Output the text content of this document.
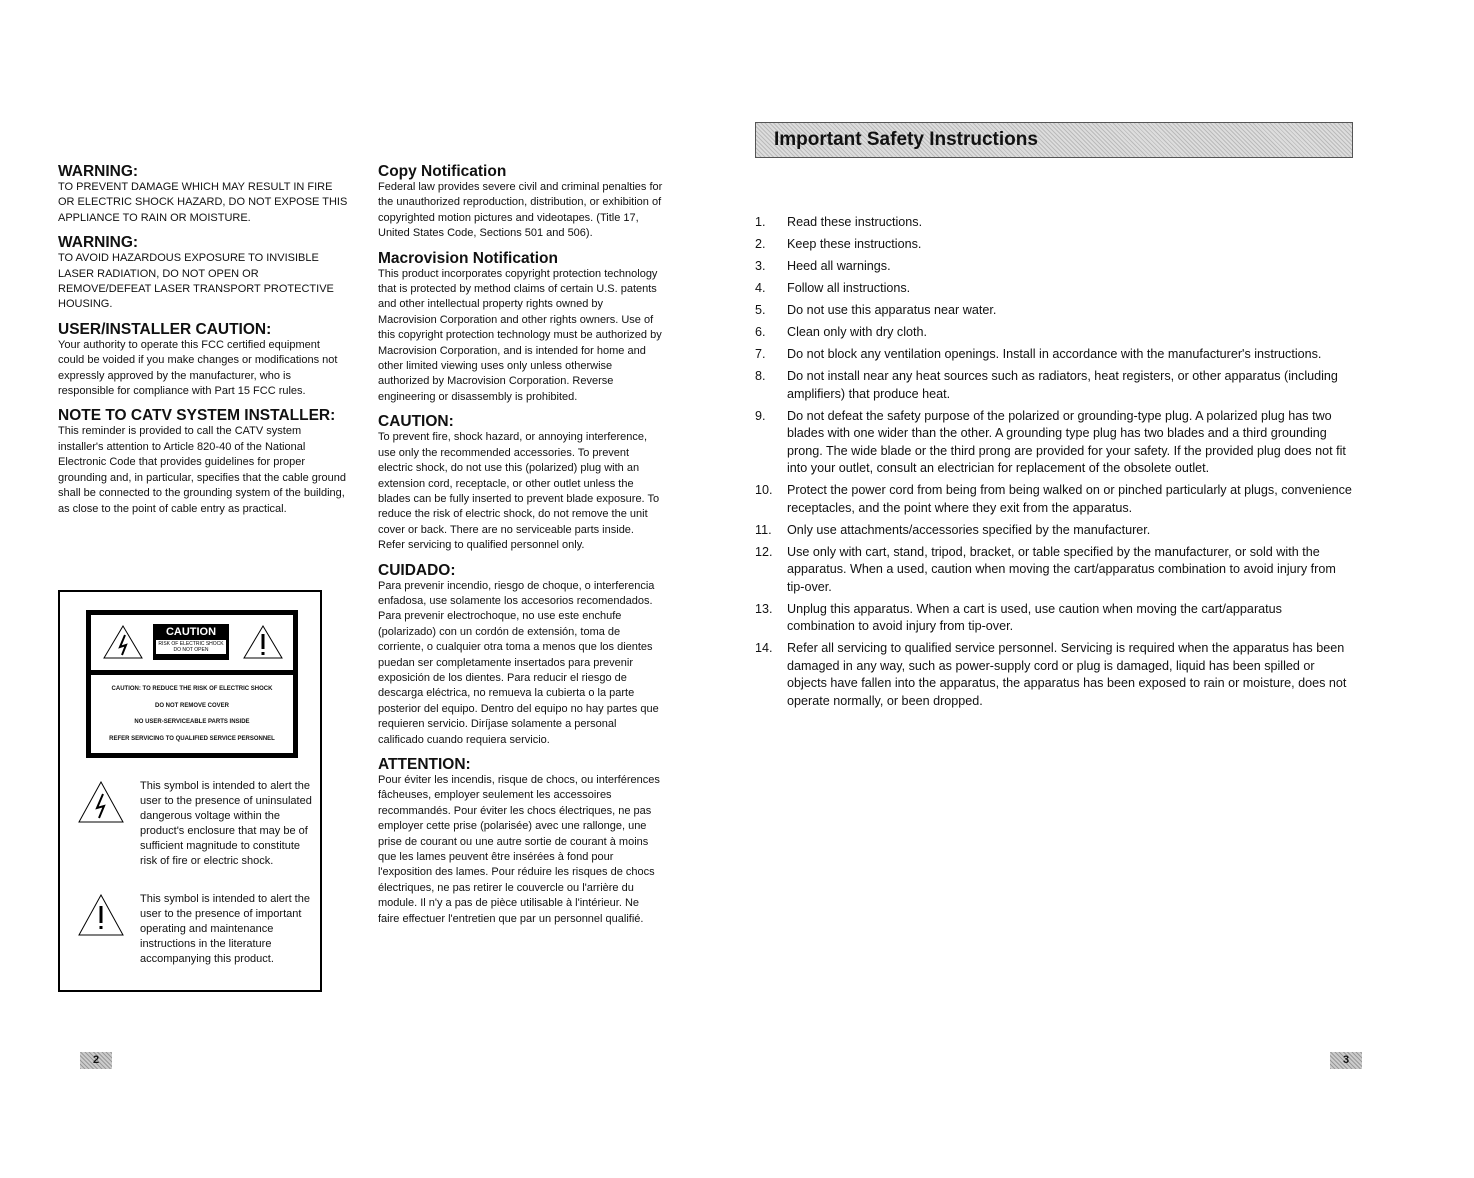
WARNING:

TO PREVENT DAMAGE WHICH MAY RESULT IN FIRE OR ELECTRIC SHOCK HAZARD, DO NOT EXPOSE THIS APPLIANCE TO RAIN OR MOISTURE.

WARNING:

TO AVOID HAZARDOUS EXPOSURE TO INVISIBLE LASER RADIATION, DO NOT OPEN OR REMOVE/DEFEAT LASER TRANSPORT PROTECTIVE HOUSING.

USER/INSTALLER CAUTION:

Your authority to operate this FCC certified equipment could be voided if you make changes or modifications not expressly approved by the manufacturer, who is responsible for compliance with Part 15 FCC rules.

NOTE TO CATV SYSTEM INSTALLER:

This reminder is provided to call the CATV system installer's attention to Article 820-40 of the National Electronic Code that provides guidelines for proper grounding and, in particular, specifies that the cable ground shall be connected to the grounding system of the building, as close to the point of cable entry as practical.

CAUTION
RISK OF ELECTRIC SHOCK DO NOT OPEN
CAUTION: TO REDUCE THE RISK OF ELECTRIC SHOCK
DO NOT REMOVE COVER
NO USER-SERVICEABLE PARTS INSIDE
REFER SERVICING TO QUALIFIED SERVICE PERSONNEL

This symbol is intended to alert the user to the presence of uninsulated dangerous voltage within the product's enclosure that may be of sufficient magnitude to constitute risk of fire or electric shock.

This symbol is intended to alert the user to the presence of important operating and maintenance instructions in the literature accompanying this product.

Copy Notification

Federal law provides severe civil and criminal penalties for the unauthorized reproduction, distribution, or exhibition of copyrighted motion pictures and videotapes. (Title 17, United States Code, Sections 501 and 506).

Macrovision Notification

This product incorporates copyright protection technology that is protected by method claims of certain U.S. patents and other intellectual property rights owned by Macrovision Corporation and other rights owners. Use of this copyright protection technology must be authorized by Macrovision Corporation, and is intended for home and other limited viewing uses only unless otherwise authorized by Macrovision Corporation. Reverse engineering or disassembly is prohibited.

CAUTION:

To prevent fire, shock hazard, or annoying interference, use only the recommended accessories. To prevent electric shock, do not use this (polarized) plug with an extension cord, receptacle, or other outlet unless the blades can be fully inserted to prevent blade exposure. To reduce the risk of electric shock, do not remove the unit cover or back. There are no serviceable parts inside. Refer servicing to qualified personnel only.

CUIDADO:

Para prevenir incendio, riesgo de choque, o interferencia enfadosa, use solamente los accesorios recomendados. Para prevenir electrochoque, no use este enchufe (polarizado) con un cordón de extensión, toma de corriente, o cualquier otra toma a menos que los dientes puedan ser completamente insertados para prevenir exposición de los dientes. Para reducir el riesgo de descarga eléctrica, no remueva la cubierta o la parte posterior del equipo. Dentro del equipo no hay partes que requieren servicio. Diríjase solamente a personal calificado cuando requiera servicio.

ATTENTION:

Pour éviter les incendis, risque de chocs, ou interférences fâcheuses, employer seulement les accessoires recommandés. Pour éviter les chocs électriques, ne pas employer cette prise (polarisée) avec une rallonge, une prise de courant ou une autre sortie de courant à moins que les lames peuvent être insérées à fond pour l'exposition des lames. Pour réduire les risques de chocs électriques, ne pas retirer le couvercle ou l'arrière du module. Il n'y a pas de pièce utilisable à l'intérieur. Ne faire effectuer l'entretien que par un personnel qualifié.

Important Safety Instructions
1.	Read these instructions.
2.	Keep these instructions.
3.	Heed all warnings.
4.	Follow all instructions.
5.	Do not use this apparatus near water.
6.	Clean only with dry cloth.
7.	Do not block any ventilation openings. Install in accordance with the manufacturer's instructions.
8.	Do not install near any heat sources such as radiators, heat registers, or other apparatus (including amplifiers) that produce heat.
9.	Do not defeat the safety purpose of the polarized or grounding-type plug. A polarized plug has two blades with one wider than the other. A grounding type plug has two blades and a third grounding prong. The wide blade or the third prong are provided for your safety. If the provided plug does not fit into your outlet, consult an electrician for replacement of the obsolete outlet.
10.	Protect the power cord from being from being walked on or pinched particularly at plugs, convenience receptacles, and the point where they exit from the apparatus.
11.	Only use attachments/accessories specified by the manufacturer.
12.	Use only with cart, stand, tripod, bracket, or table specified by the manufacturer, or sold with the apparatus. When a used, caution when moving the cart/apparatus combination to avoid injury from tip-over.
13.	Unplug this apparatus. When a cart is used, use caution when moving the cart/apparatus combination to avoid injury from tip-over.
14.	Refer all servicing to qualified service personnel. Servicing is required when the apparatus has been damaged in any way, such as power-supply cord or plug is damaged, liquid has been spilled or objects have fallen into the apparatus, the apparatus has been exposed to rain or moisture, does not operate normally, or been dropped.
2	3
